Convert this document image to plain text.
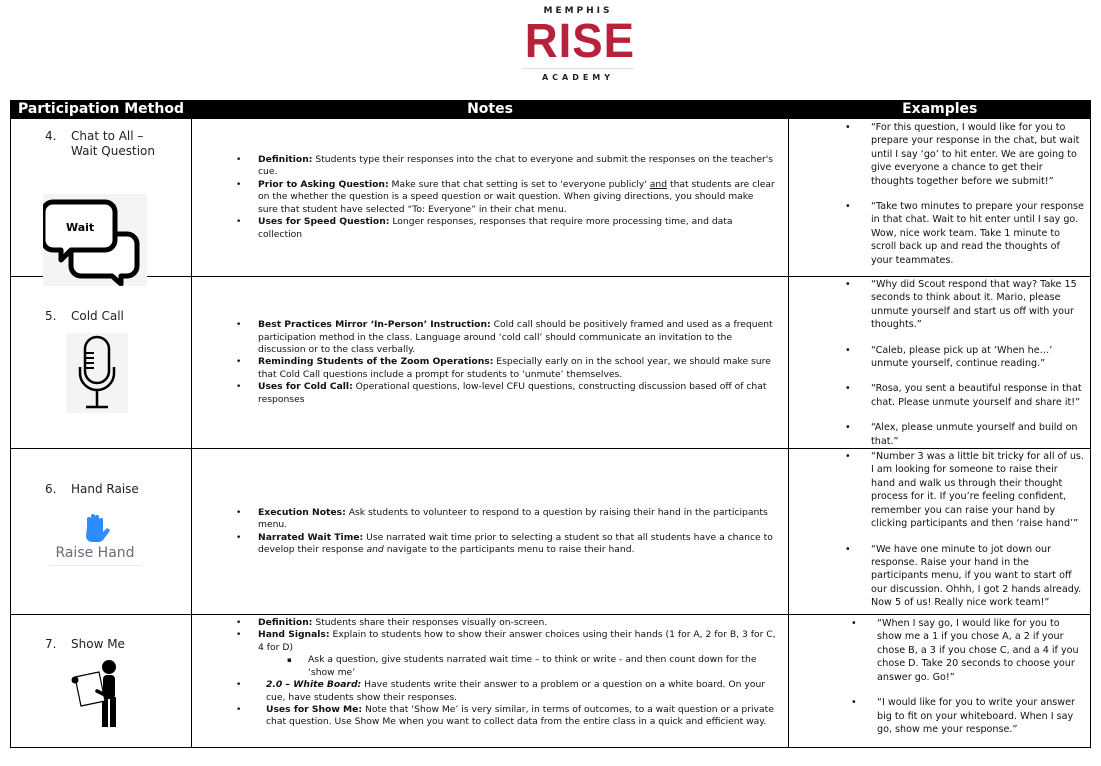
MEMPHIS
RISE
ACADEMY
Participation Method	Notes	Examples

4.	Chat to All –
Wait Question
Wait

• Definition: Students type their responses into the chat to everyone and submit the responses on the teacher's cue.
• Prior to Asking Question: Make sure that chat setting is set to 'everyone publicly' and that students are clear on the whether the question is a speed question or wait question. When giving directions, you should make sure that student have selected “To: Everyone” in their chat menu.
• Uses for Speed Question: Longer responses, responses that require more processing time, and data collection

• “For this question, I would like for you to prepare your response in the chat, but wait until I say ‘go’ to hit enter. We are going to give everyone a chance to get their thoughts together before we submit!”
• “Take two minutes to prepare your response in that chat. Wait to hit enter until I say go. Wow, nice work team. Take 1 minute to scroll back up and read the thoughts of your teammates.

5.	Cold Call

• Best Practices Mirror ‘In-Person’ Instruction: Cold call should be positively framed and used as a frequent participation method in the class. Language around ‘cold call’ should communicate an invitation to the discussion or to the class verbally.
• Reminding Students of the Zoom Operations: Especially early on in the school year, we should make sure that Cold Call questions include a prompt for students to ‘unmute’ themselves.
• Uses for Cold Call: Operational questions, low-level CFU questions, constructing discussion based off of chat responses

• “Why did Scout respond that way? Take 15 seconds to think about it. Mario, please unmute yourself and start us off with your thoughts.”
• “Caleb, please pick up at ‘When he…’ unmute yourself, continue reading.”
• “Rosa, you sent a beautiful response in that chat. Please unmute yourself and share it!”
• “Alex, please unmute yourself and build on that.”

6.	Hand Raise
Raise Hand

• Execution Notes: Ask students to volunteer to respond to a question by raising their hand in the participants menu.
• Narrated Wait Time: Use narrated wait time prior to selecting a student so that all students have a chance to develop their response and navigate to the participants menu to raise their hand.

• “Number 3 was a little bit tricky for all of us. I am looking for someone to raise their hand and walk us through their thought process for it. If you’re feeling confident, remember you can raise your hand by clicking participants and then ‘raise hand’”
• “We have one minute to jot down our response. Raise your hand in the participants menu, if you want to start off our discussion. Ohhh, I got 2 hands already. Now 5 of us! Really nice work team!”

7.	Show Me

• Definition: Students share their responses visually on-screen.
• Hand Signals: Explain to students how to show their answer choices using their hands (1 for A, 2 for B, 3 for C, 4 for D)
▪ Ask a question, give students narrated wait time – to think or write - and then count down for the ‘show me’
• 2.0 – White Board: Have students write their answer to a problem or a question on a white board. On your cue, have students show their responses.
• Uses for Show Me: Note that ‘Show Me’ is very similar, in terms of outcomes, to a wait question or a private chat question. Use Show Me when you want to collect data from the entire class in a quick and efficient way.

• “When I say go, I would like for you to show me a 1 if you chose A, a 2 if your chose B, a 3 if you chose C, and a 4 if you chose D. Take 20 seconds to choose your answer go. Go!”
• “I would like for you to write your answer big to fit on your whiteboard. When I say go, show me your response.”
